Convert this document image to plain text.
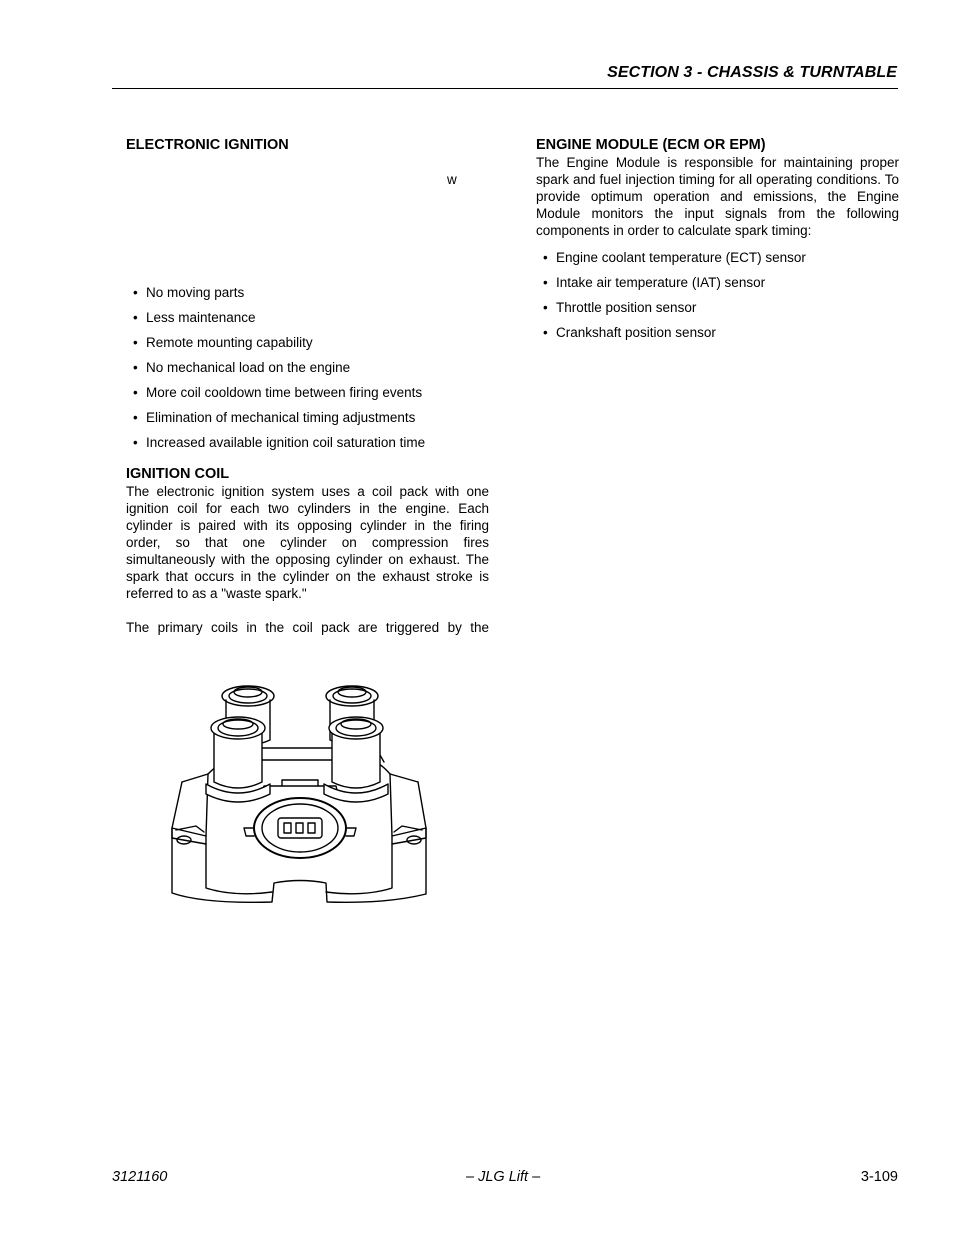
SECTION 3 - CHASSIS & TURNTABLE
ELECTRONIC IGNITION
w
• No moving parts
• Less maintenance
• Remote mounting capability
• No mechanical load on the engine
• More coil cooldown time between firing events
• Elimination of mechanical timing adjustments
• Increased available ignition coil saturation time
IGNITION COIL

The electronic ignition system uses a coil pack with one ignition coil for each two cylinders in the engine. Each cylinder is paired with its opposing cylinder in the firing order, so that one cylinder on compression fires simultaneously with the opposing cylinder on exhaust. The spark that occurs in the cylinder on the exhaust stroke is referred to as a "waste spark."

The primary coils in the coil pack are triggered by the

ENGINE MODULE (ECM OR EPM)

The Engine Module is responsible for maintaining proper spark and fuel injection timing for all operating conditions. To provide optimum operation and emissions, the Engine Module monitors the input signals from the following components in order to calculate spark timing:

• Engine coolant temperature (ECT) sensor
• Intake air temperature (IAT) sensor
• Throttle position sensor
• Crankshaft position sensor
3121160	– JLG Lift –	3-109
